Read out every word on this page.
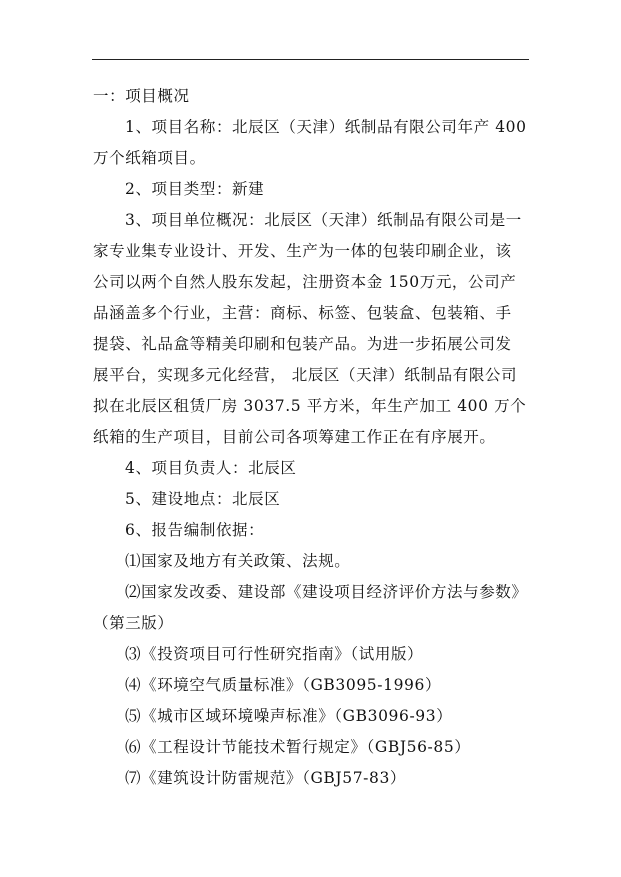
一：项目概况
1、项目名称：北辰区（天津）纸制品有限公司年产 400
万个纸箱项目。
2、项目类型：新建
3、项目单位概况：北辰区（天津）纸制品有限公司是一
家专业集专业设计、开发、生产为一体的包装印刷企业，该
公司以两个自然人股东发起，注册资本金 150万元，公司产
品涵盖多个行业，主营：商标、标签、包装盒、包装箱、手
提袋、礼品盒等精美印刷和包装产品。为进一步拓展公司发
展平台，实现多元化经营， 北辰区（天津）纸制品有限公司
拟在北辰区租赁厂房 3037.5 平方米，年生产加工 400 万个
纸箱的生产项目，目前公司各项筹建工作正在有序展开。
4、项目负责人：北辰区
5、建设地点：北辰区
6、报告编制依据：
⑴国家及地方有关政策、法规。
⑵国家发改委、建设部《建设项目经济评价方法与参数》
（第三版）
⑶《投资项目可行性研究指南》（试用版）
⑷《环境空气质量标准》（GB3095-1996）
⑸《城市区域环境噪声标准》（GB3096-93）
⑹《工程设计节能技术暂行规定》（GBJ56-85）
⑺《建筑设计防雷规范》（GBJ57-83）
